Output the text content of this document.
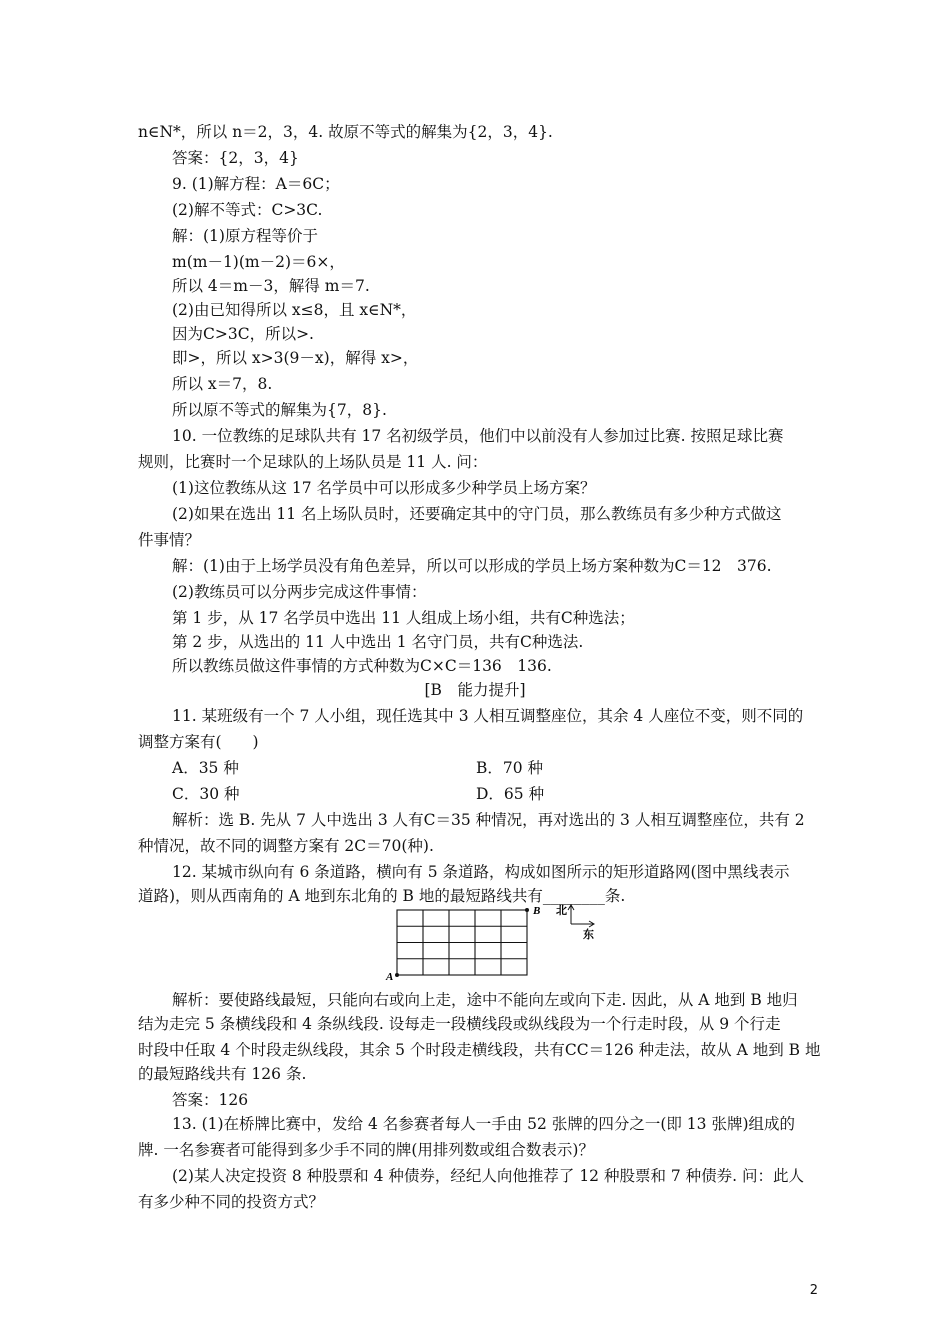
n∈N*，所以 n＝2，3，4. 故原不等式的解集为{2，3，4}.
答案：{2，3，4}
9. (1)解方程：A＝6C；
(2)解不等式：C>3C.
解：(1)原方程等价于
m(m－1)(m－2)＝6×，
所以 4＝m－3，解得 m＝7.
(2)由已知得所以 x≤8，且 x∈N*，
因为C>3C，所以>.
即>，所以 x>3(9－x)，解得 x>，
所以 x＝7，8.
所以原不等式的解集为{7，8}.
10. 一位教练的足球队共有 17 名初级学员，他们中以前没有人参加过比赛. 按照足球比赛
规则，比赛时一个足球队的上场队员是 11 人. 问：
(1)这位教练从这 17 名学员中可以形成多少种学员上场方案？
(2)如果在选出 11 名上场队员时，还要确定其中的守门员，那么教练员有多少种方式做这
件事情？
解：(1)由于上场学员没有角色差异，所以可以形成的学员上场方案种数为C＝12　376.
(2)教练员可以分两步完成这件事情：
第 1 步，从 17 名学员中选出 11 人组成上场小组，共有C种选法；
第 2 步，从选出的 11 人中选出 1 名守门员，共有C种选法.
所以教练员做这件事情的方式种数为C×C＝136　136.
[B　能力提升]
11. 某班级有一个 7 人小组，现任选其中 3 人相互调整座位，其余 4 人座位不变，则不同的
调整方案有(　　)
A．35 种	B．70 种
C．30 种	D．65 种
解析：选 B. 先从 7 人中选出 3 人有C＝35 种情况，再对选出的 3 人相互调整座位，共有 2
种情况，故不同的调整方案有 2C＝70(种).
12. 某城市纵向有 6 条道路，横向有 5 条道路，构成如图所示的矩形道路网(图中黑线表示
道路)，则从西南角的 A 地到东北角的 B 地的最短路线共有________条.
A
B 北
东
解析：要使路线最短，只能向右或向上走，途中不能向左或向下走. 因此，从 A 地到 B 地归
结为走完 5 条横线段和 4 条纵线段. 设每走一段横线段或纵线段为一个行走时段，从 9 个行走
时段中任取 4 个时段走纵线段，其余 5 个时段走横线段，共有CC＝126 种走法，故从 A 地到 B 地
的最短路线共有 126 条.
答案：126
13. (1)在桥牌比赛中，发给 4 名参赛者每人一手由 52 张牌的四分之一(即 13 张牌)组成的
牌. 一名参赛者可能得到多少手不同的牌(用排列数或组合数表示)？
(2)某人决定投资 8 种股票和 4 种债券，经纪人向他推荐了 12 种股票和 7 种债券. 问：此人
有多少种不同的投资方式？
2
